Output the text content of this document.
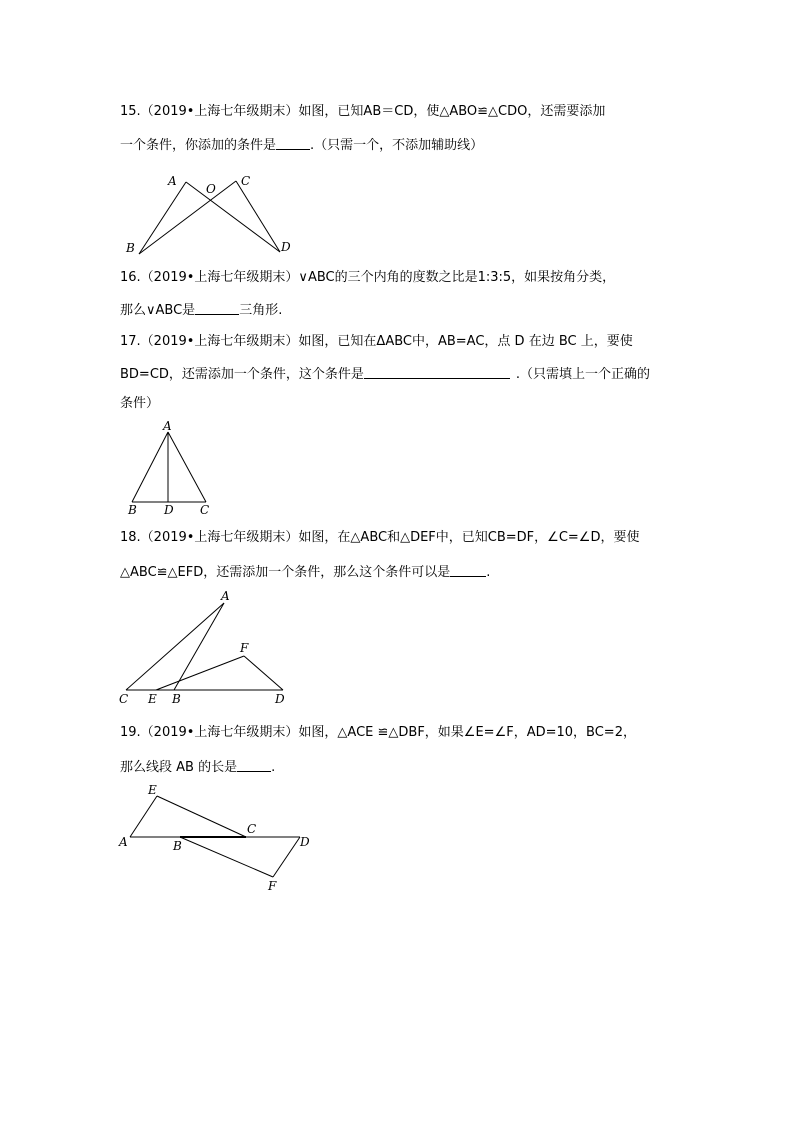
15.（2019•上海七年级期末）如图，已知AB＝CD，使△ABO≌△CDO，还需要添加
一个条件，你添加的条件是	.（只需一个，不添加辅助线）
A
O
C
B	D
16.（2019•上海七年级期末）∨ABC的三个内角的度数之比是1:3:5，如果按角分类，
那么∨ABC是	三角形.
17.（2019•上海七年级期末）如图，已知在ΔABC中，AB=AC，点 D 在边 BC 上，要使
BD=CD，还需添加一个条件，这个条件是	.（只需填上一个正确的
条件）
A
B D C
18.（2019•上海七年级期末）如图，在△ABC和△DEF中，已知CB=DF，∠C=∠D，要使
△ABC≌△EFD，还需添加一个条件，那么这个条件可以是	.
A
F
C E B	D
19.（2019•上海七年级期末）如图，△ACE ≌△DBF，如果∠E=∠F，AD=10，BC=2，
那么线段 AB 的长是	.
E
C
A	B	D
F
